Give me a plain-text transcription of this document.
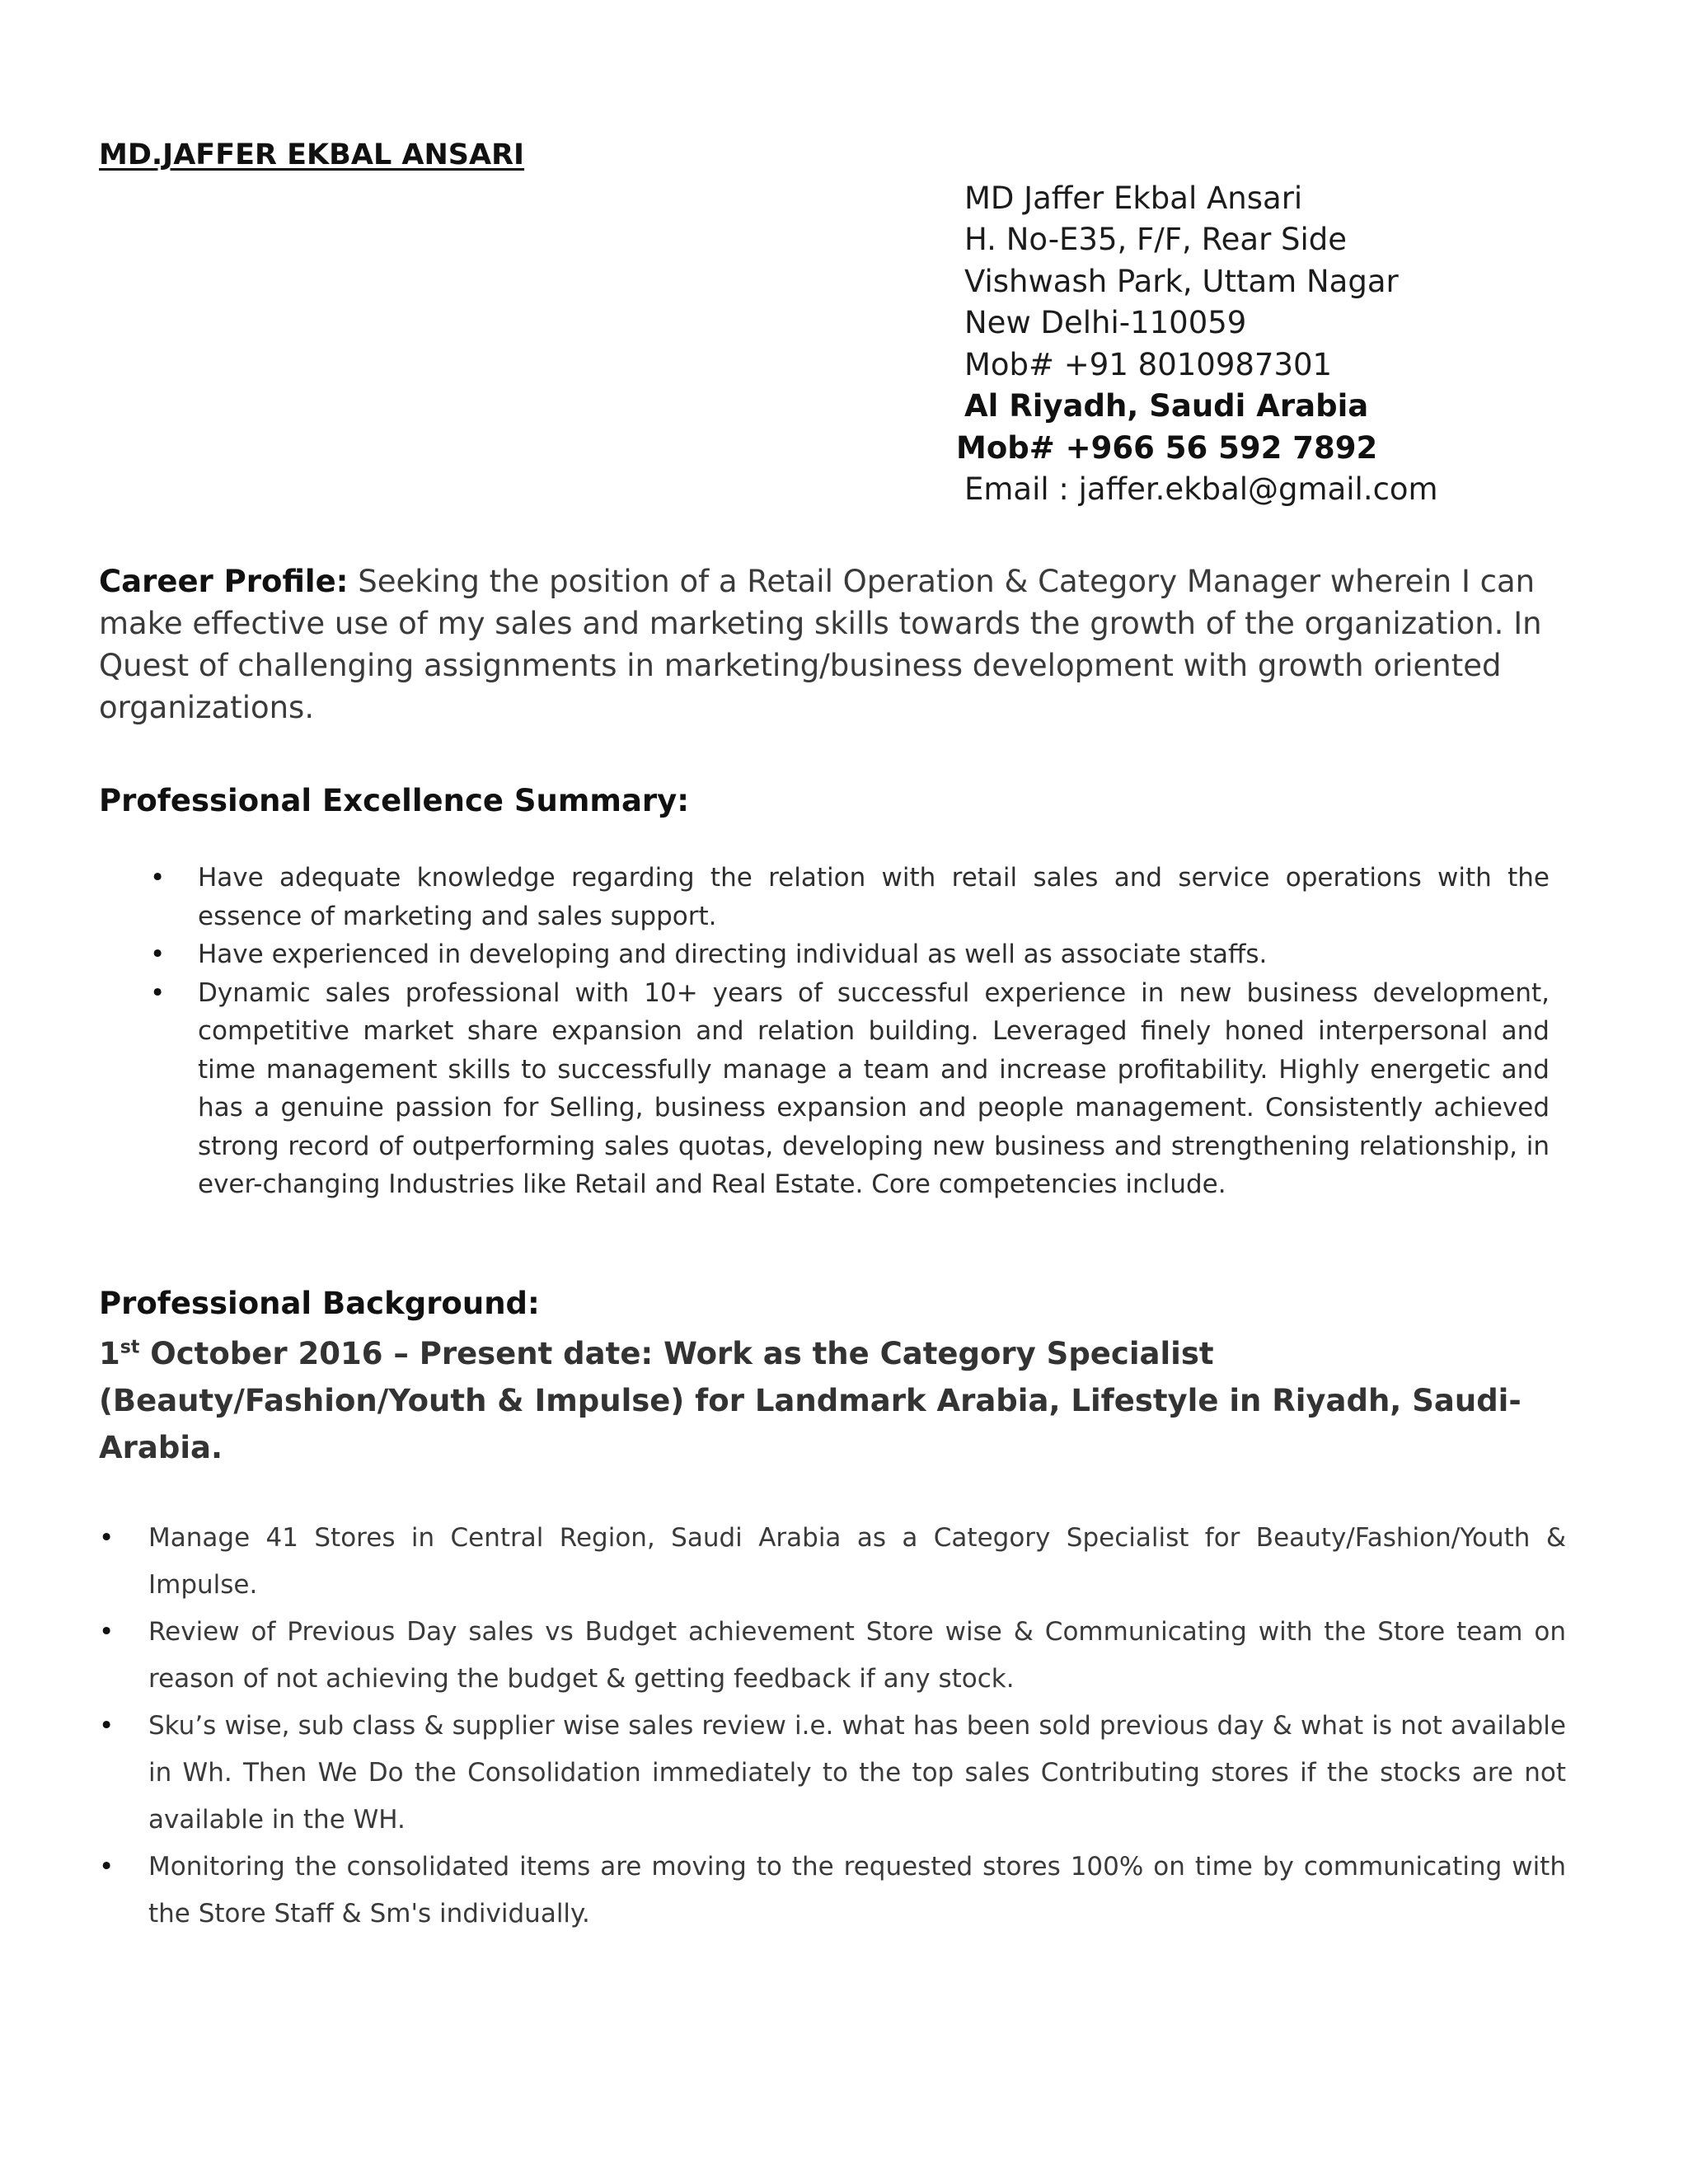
MD.JAFFER EKBAL ANSARI
MD Jaffer Ekbal Ansari
H. No-E35, F/F, Rear Side
Vishwash Park, Uttam Nagar
New Delhi-110059
Mob# +91 8010987301
Al Riyadh, Saudi Arabia
Mob# +966 56 592 7892
Email : jaffer.ekbal@gmail.com
Career Profile: Seeking the position of a Retail Operation & Category Manager wherein I can make effective use of my sales and marketing skills towards the growth of the organization. In Quest of challenging assignments in marketing/business development with growth oriented organizations.
Professional Excellence Summary:
• Have adequate knowledge regarding the relation with retail sales and service operations with the essence of marketing and sales support.
• Have experienced in developing and directing individual as well as associate staffs.
• Dynamic sales professional with 10+ years of successful experience in new business development, competitive market share expansion and relation building. Leveraged finely honed interpersonal and time management skills to successfully manage a team and increase profitability. Highly energetic and has a genuine passion for Selling, business expansion and people management. Consistently achieved strong record of outperforming sales quotas, developing new business and strengthening relationship, in ever-changing Industries like Retail and Real Estate. Core competencies include.
Professional Background:
1st October 2016 – Present date: Work as the Category Specialist (Beauty/Fashion/Youth & Impulse) for Landmark Arabia, Lifestyle in Riyadh, Saudi-Arabia.
• Manage 41 Stores in Central Region, Saudi Arabia as a Category Specialist for Beauty/Fashion/Youth & Impulse.
• Review of Previous Day sales vs Budget achievement Store wise & Communicating with the Store team on reason of not achieving the budget & getting feedback if any stock.
• Sku’s wise, sub class & supplier wise sales review i.e. what has been sold previous day & what is not available in Wh. Then We Do the Consolidation immediately to the top sales Contributing stores if the stocks are not available in the WH.
• Monitoring the consolidated items are moving to the requested stores 100% on time by communicating with the Store Staff & Sm's individually.
